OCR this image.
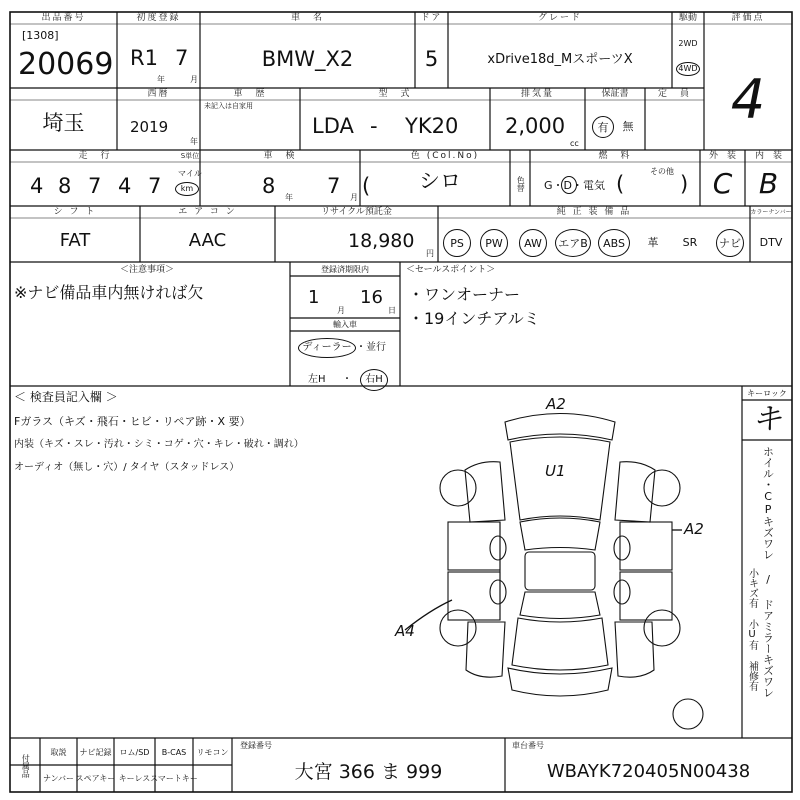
出品番号
[1308]
20069
初度登録
R1 7
年	月
車　名
BMW_X2
ドア
5
グレード
xDrive18d_MスポーツX
駆動
2WD
4WD
評価点
4
西暦
埼玉	2019
年
車　歴
未記入は自家用
型　式
LDA - YK20
排気量
2,000
cc
保証書
有	無
定　員
走　行	S単位
4 8 7 4 7
マイル
km
車　検
8 年 7 月 (
色 (Col.No)
シロ	色替
燃　料
G・D・電気 (
その他
)
外　装
C
内　装
B
シ フ ト
FAT
エ ア コ ン
AAC
リサイクル預託金
18,980
円
純 正 装 備 品	カラーナンバー
PS	PW	AW	エアB	ABS	革	SR	ナビ	DTV
＜注意事項＞
※ナビ備品車内無ければ欠
登録済期限内
1
月
16
日
輸入車
ディーラー ・並行
左H ・	右H
＜セールスポイント＞
・ワンオーナー
・19インチアルミ
＜ 検査員記入欄 ＞
Fガラス（キズ・飛石・ヒビ・リペア跡・X 要）
内装（キズ・スレ・汚れ・シミ・コゲ・穴・キレ・破れ・調れ）
オーディオ（無し・穴）/ タイヤ（スタッドレス）
キーロック
キ
ホイル・CPキズワレ / ドアミラーキズワレ
小キズ有 小U有 補修有
A2
U1
A2
A4
付属品
取説	ナビ記録	ロム/SD	B-CAS	リモコン
ナンバー スペアキー キーレス スマートキー
登録番号
大宮 366 ま 999
車台番号
WBAYK720405N00438
